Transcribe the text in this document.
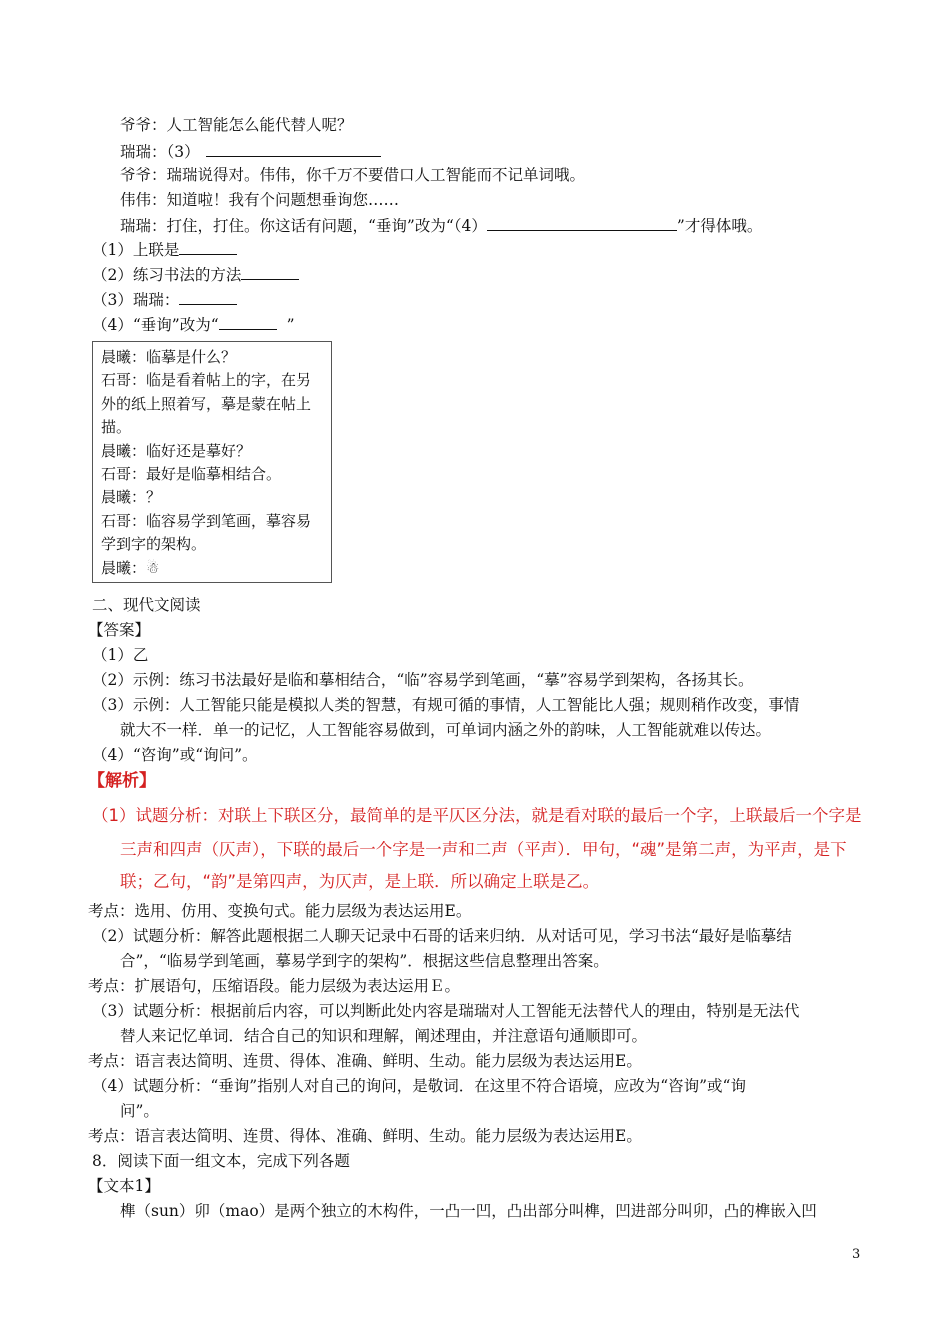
爷爷：人工智能怎么能代替人呢？
瑞瑞：（3）
爷爷：瑞瑞说得对。伟伟，你千万不要借口人工智能而不记单词哦。
伟伟：知道啦！我有个问题想垂询您……
瑞瑞：打住，打住。你这话有问题，“垂询”改为“（4）	”才得体哦。
（1）上联是
（2）练习书法的方法
（3）瑞瑞：
（4）“垂询”改为“	”
晨曦：临摹是什么？
石哥：临是看着帖上的字，在另
外的纸上照着写，摹是蒙在帖上
描。
晨曦：临好还是摹好？
石哥：最好是临摹相结合。
晨曦：？
石哥：临容易学到笔画，摹容易
学到字的架构。
晨曦：☃
二、现代文阅读
【答案】
（1）乙
（2）示例：练习书法最好是临和摹相结合，“临”容易学到笔画，“摹”容易学到架构，各扬其长。
（3）示例：人工智能只能是模拟人类的智慧，有规可循的事情，人工智能比人强；规则稍作改变，事情
就大不一样．单一的记忆，人工智能容易做到，可单词内涵之外的韵味，人工智能就难以传达。
（4）“咨询”或“询问”。
【解析】
（1）试题分析：对联上下联区分，最简单的是平仄区分法，就是看对联的最后一个字，上联最后一个字是
三声和四声（仄声），下联的最后一个字是一声和二声（平声）．甲句，“魂”是第二声，为平声，是下
联；乙句，“韵”是第四声，为仄声，是上联．所以确定上联是乙。
考点：选用、仿用、变换句式。能力层级为表达运用E。
（2）试题分析：解答此题根据二人聊天记录中石哥的话来归纳．从对话可见，学习书法“最好是临摹结
合”，“临易学到笔画，摹易学到字的架构”．根据这些信息整理出答案。
考点：扩展语句，压缩语段。能力层级为表达运用Ｅ。
（3）试题分析：根据前后内容，可以判断此处内容是瑞瑞对人工智能无法替代人的理由，特别是无法代
替人来记忆单词．结合自己的知识和理解，阐述理由，并注意语句通顺即可。
考点：语言表达简明、连贯、得体、准确、鲜明、生动。能力层级为表达运用E。
（4）试题分析：“垂询”指别人对自己的询问，是敬词．在这里不符合语境，应改为“咨询”或“询
问”。
考点：语言表达简明、连贯、得体、准确、鲜明、生动。能力层级为表达运用E。
8．阅读下面一组文本，完成下列各题
【文本1】
榫（sun）卯（mao）是两个独立的木构件，一凸一凹，凸出部分叫榫，凹进部分叫卯，凸的榫嵌入凹
3
